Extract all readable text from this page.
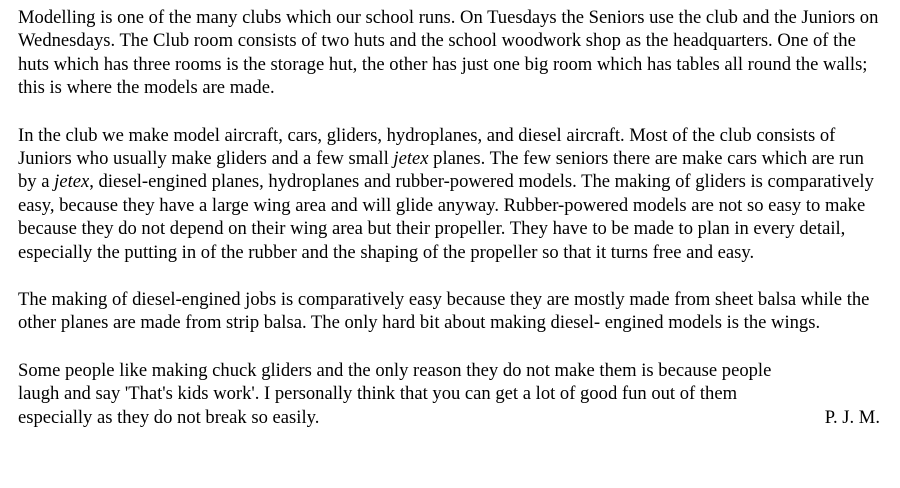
Modelling is one of the many clubs which our school runs. On Tuesdays the Seniors use the club and the Juniors on Wednesdays. The Club room consists of two huts and the school woodwork shop as the headquarters. One of the huts which has three rooms is the storage hut, the other has just one big room which has tables all round the walls; this is where the models are made.

In the club we make model aircraft, cars, gliders, hydroplanes, and diesel aircraft. Most of the club consists of Juniors who usually make gliders and a few small jetex planes. The few seniors there are make cars which are run by a jetex, diesel-engined planes, hydroplanes and rubber-powered models. The making of gliders is comparatively easy, because they have a large wing area and will glide anyway. Rubber-powered models are not so easy to make because they do not depend on their wing area but their propeller. They have to be made to plan in every detail, especially the putting in of the rubber and the shaping of the propeller so that it turns free and easy.

The making of diesel-engined jobs is comparatively easy because they are mostly made from sheet balsa while the other planes are made from strip balsa. The only hard bit about making diesel- engined models is the wings.

Some people like making chuck gliders and the only reason they do not make them is because people
laugh and say 'That's kids work'. I personally think that you can get a lot of good fun out of them
especially as they do not break so easily.	P. J. M.
